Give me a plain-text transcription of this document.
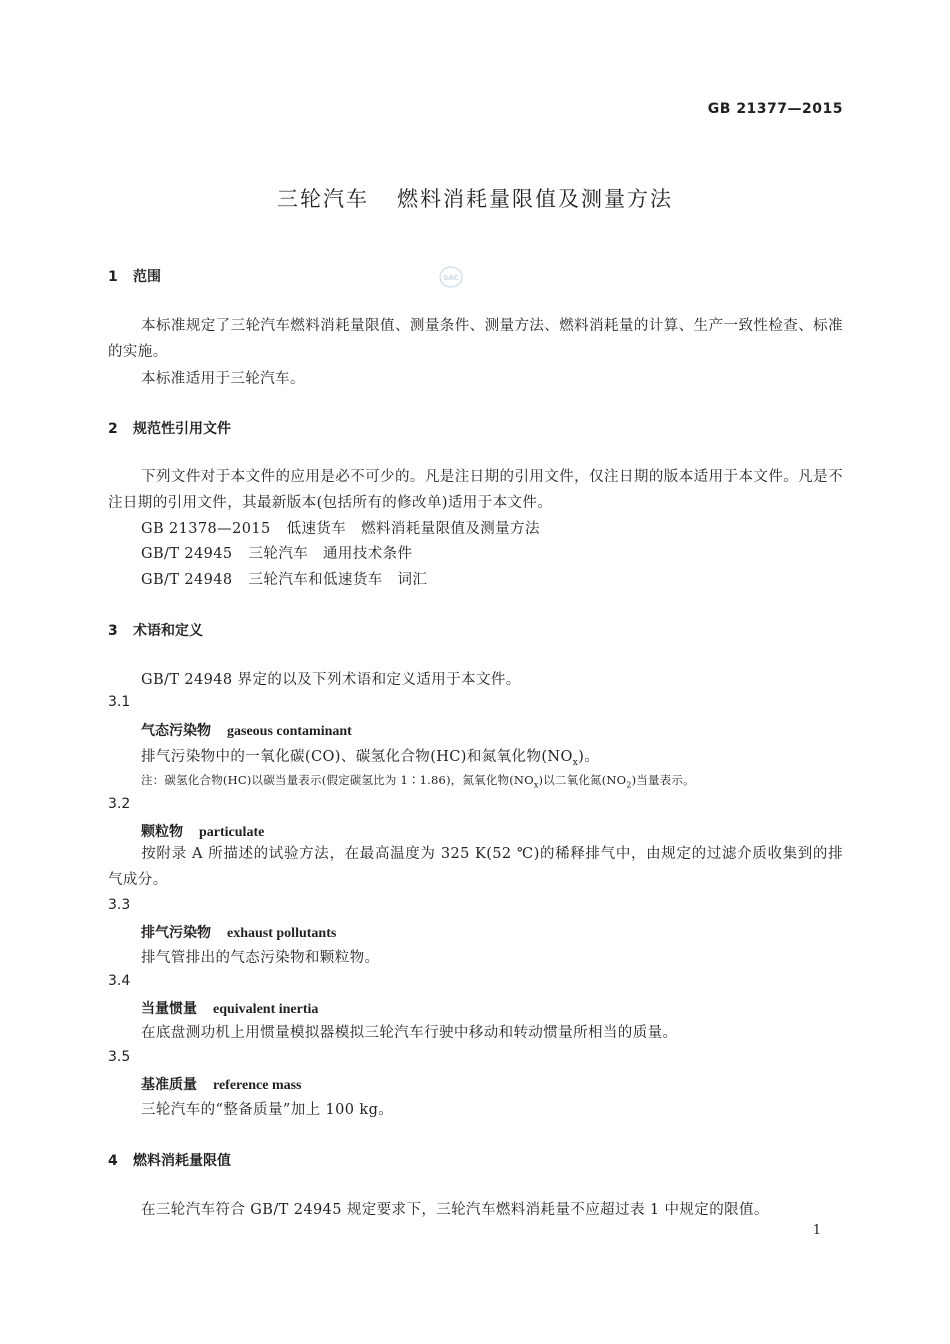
GB 21377—2015
三轮汽车 燃料消耗量限值及测量方法
SAC
1 范围
本标准规定了三轮汽车燃料消耗量限值、测量条件、测量方法、燃料消耗量的计算、生产一致性检查、标准的实施。
本标准适用于三轮汽车。
2 规范性引用文件
下列文件对于本文件的应用是必不可少的。凡是注日期的引用文件，仅注日期的版本适用于本文件。凡是不注日期的引用文件，其最新版本(包括所有的修改单)适用于本文件。
GB 21378—2015 低速货车　燃料消耗量限值及测量方法
GB/T 24945 三轮汽车　通用技术条件
GB/T 24948 三轮汽车和低速货车　词汇
3 术语和定义
GB/T 24948 界定的以及下列术语和定义适用于本文件。
3.1
气态污染物 gaseous contaminant
排气污染物中的一氧化碳(CO)、碳氢化合物(HC)和氮氧化物$(NO_x)$。
注：碳氢化合物(HC)以碳当量表示(假定碳氢比为 1∶1.86)，氮氧化物$(NO_x)$以二氧化氮$(NO_2)$当量表示。
3.2
颗粒物 particulate
按附录 A 所描述的试验方法，在最高温度为 325 K(52 ℃)的稀释排气中，由规定的过滤介质收集到的排气成分。
3.3
排气污染物 exhaust pollutants
排气管排出的气态污染物和颗粒物。
3.4
当量惯量 equivalent inertia
在底盘测功机上用惯量模拟器模拟三轮汽车行驶中移动和转动惯量所相当的质量。
3.5
基准质量 reference mass
三轮汽车的“整备质量”加上 100 kg。
4 燃料消耗量限值
在三轮汽车符合 GB/T 24945 规定要求下，三轮汽车燃料消耗量不应超过表 1 中规定的限值。
1
